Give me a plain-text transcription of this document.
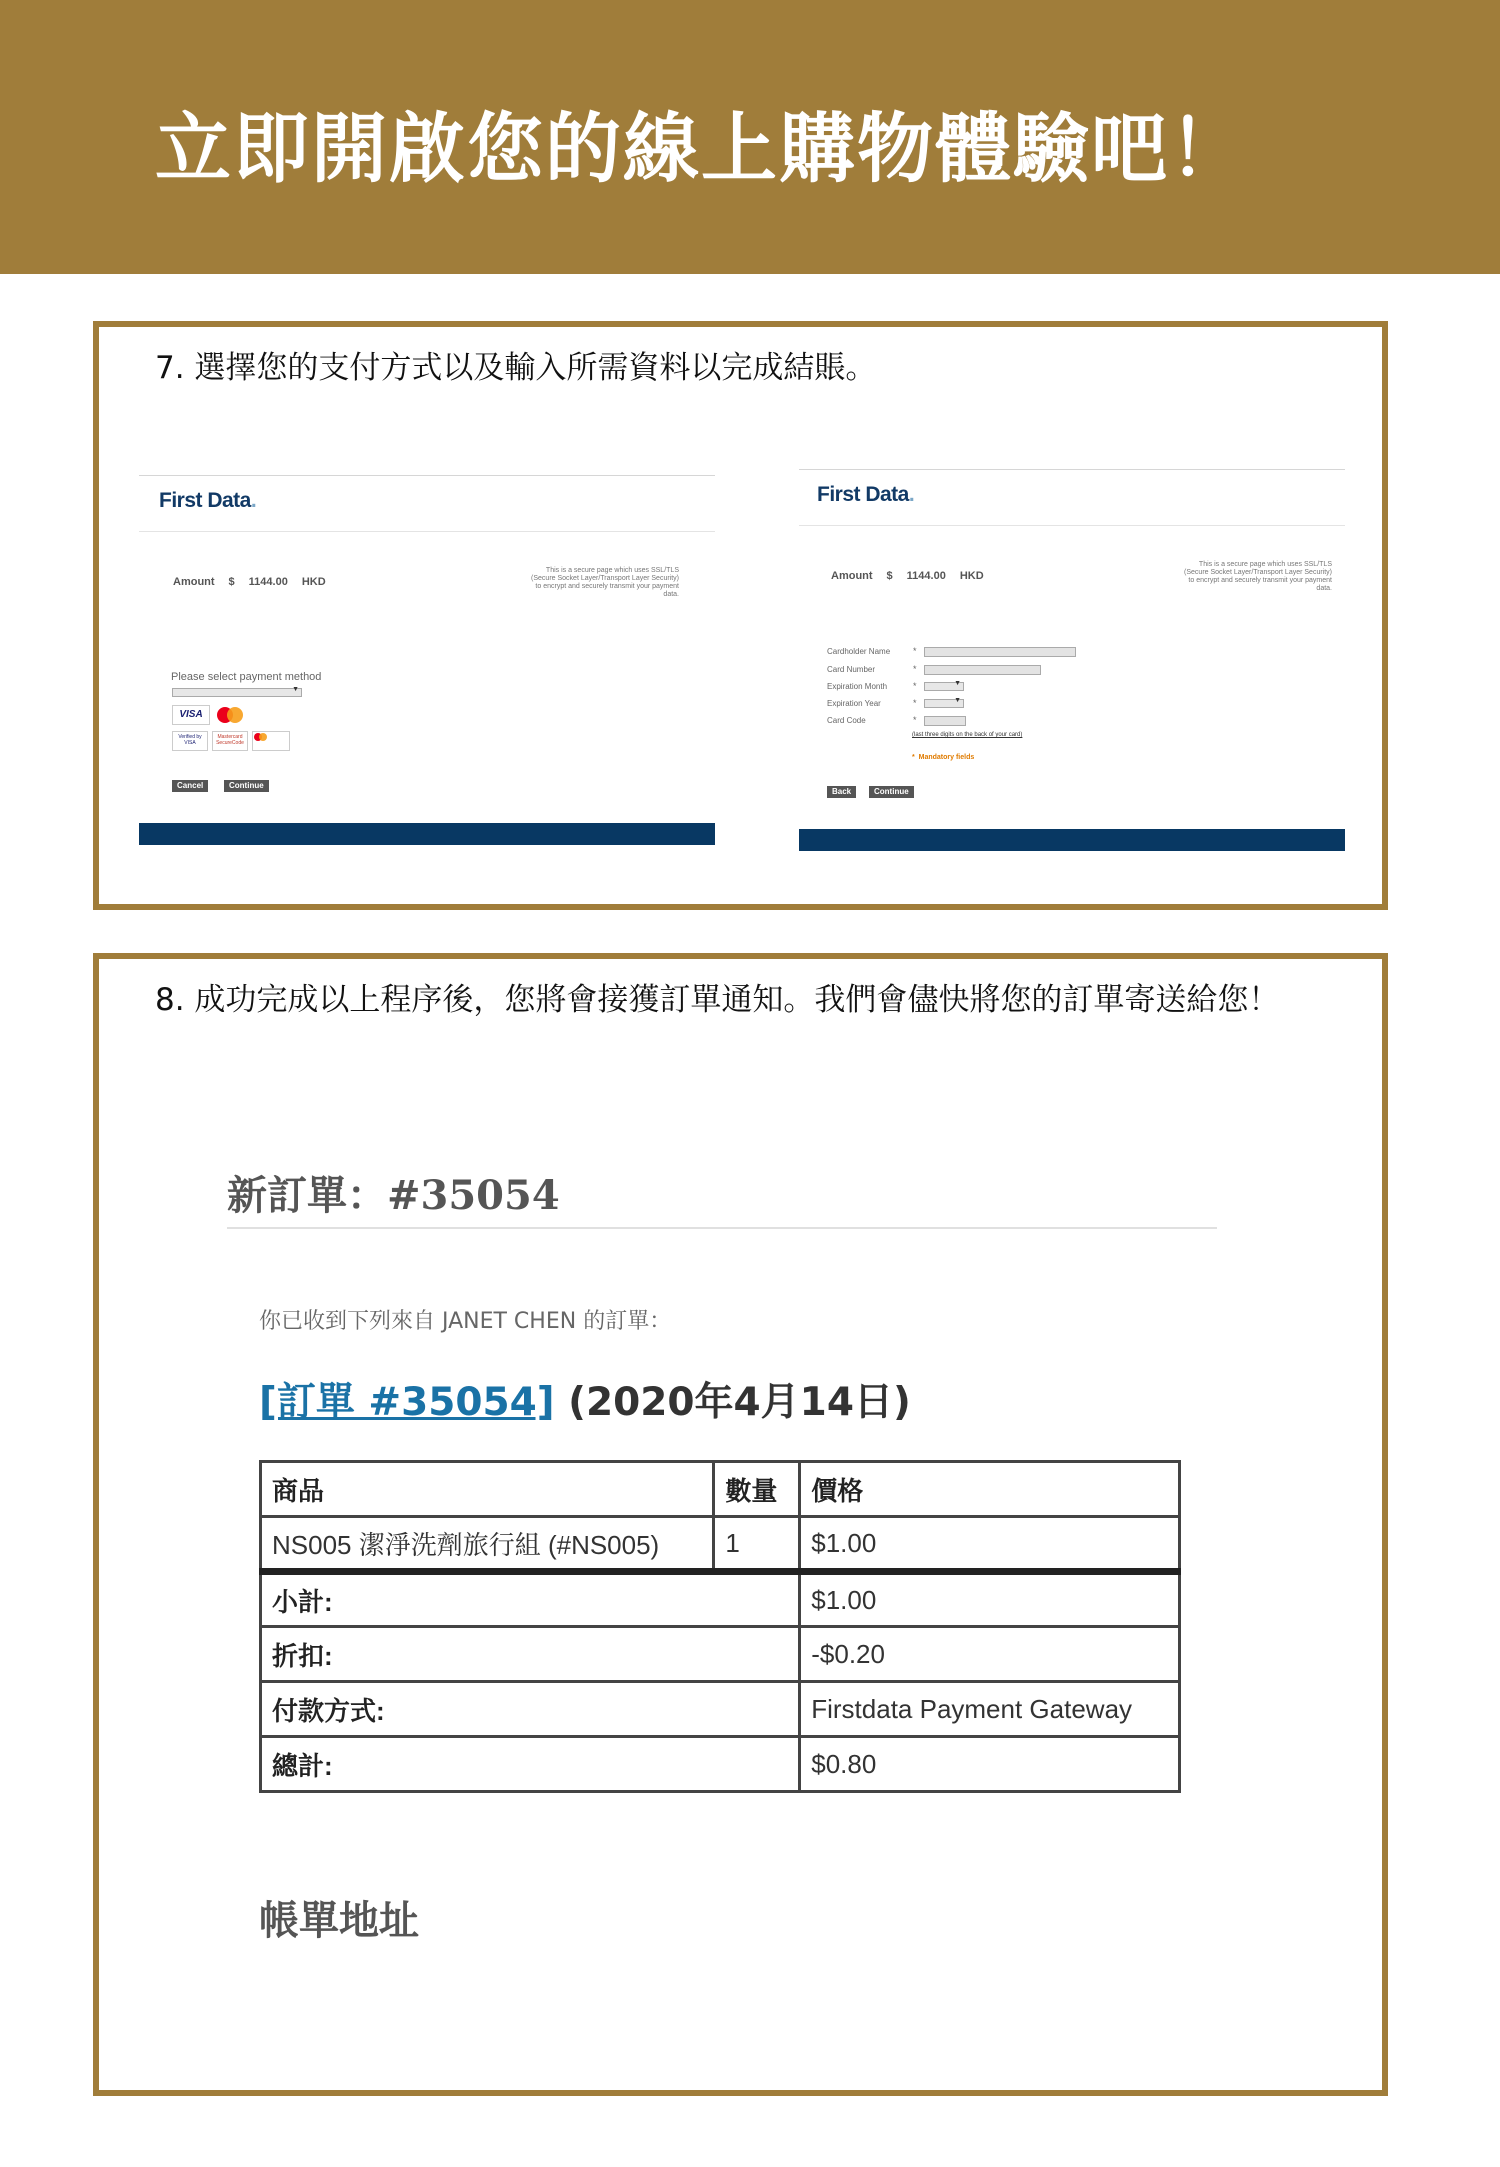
立即開啟您的線上購物體驗吧！
7. 選擇您的支付方式以及輸入所需資料以完成結賬。
First Data.
Amount $ 1144.00 HKD
This is a secure page which uses SSL/TLS (Secure Socket Layer/Transport Layer Security) to encrypt and securely transmit your payment data.
Please select payment method
▼
VISA
Verified by VISA
Mastercard SecureCode
Cancel	Continue
First Data.
Amount $ 1144.00 HKD
This is a secure page which uses SSL/TLS (Secure Socket Layer/Transport Layer Security) to encrypt and securely transmit your payment data.
Cardholder Name	*
Card Number	*
Expiration Month	*	▼
Expiration Year	*	▼
Card Code	*
(last three digits on the back of your card)
*  Mandatory fields
Back	Continue
8. 成功完成以上程序後，您將會接獲訂單通知。我們會儘快將您的訂單寄送給您！
新訂單：#35054
你已收到下列來自 JANET CHEN 的訂單：
[訂單 #35054] (2020年4月14日)
商品	數量	價格
NS005 潔淨洗劑旅行組 (#NS005)	1	$1.00
小計:		$1.00
折扣:		-$0.20
付款方式:		Firstdata Payment Gateway
總計:		$0.80
帳單地址
